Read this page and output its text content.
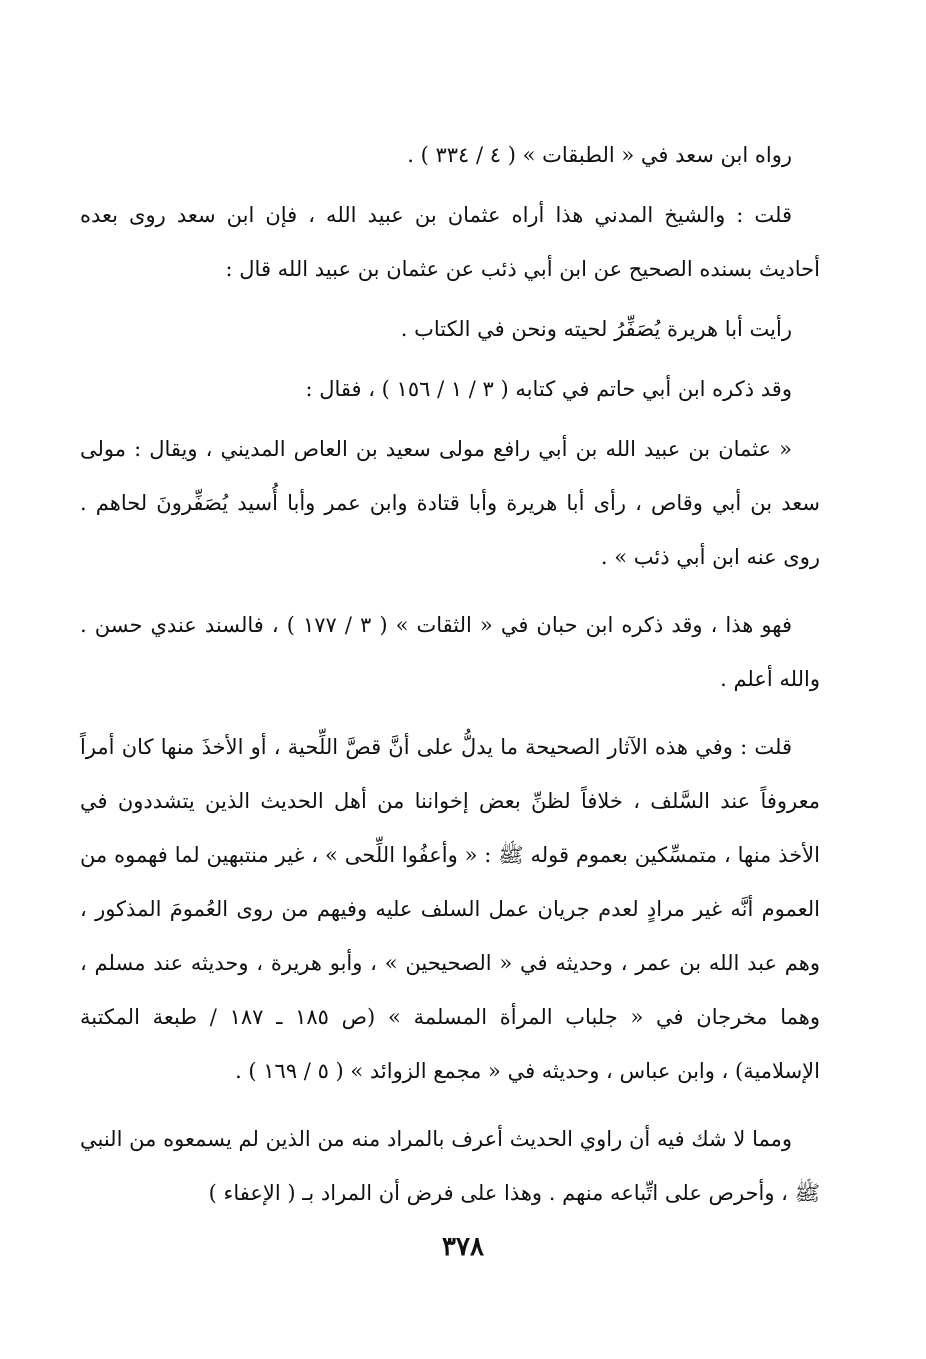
رواه ابن سعد في « الطبقات » ( ٤ / ٣٣٤ ) .

قلت : والشيخ المدني هذا أراه عثمان بن عبيد الله ، فإن ابن سعد روى بعده أحاديث بسنده الصحيح عن ابن أبي ذئب عن عثمان بن عبيد الله قال :

رأيت أبا هريرة يُصَفِّرُ لحيته ونحن في الكتاب .

وقد ذكره ابن أبي حاتم في كتابه ( ٣ / ١ / ١٥٦ ) ، فقال :

« عثمان بن عبيد الله بن أبي رافع مولى سعيد بن العاص المديني ، ويقال : مولى سعد بن أبي وقاص ، رأى أبا هريرة وأبا قتادة وابن عمر وأبا أُسيد يُصَفِّرونَ لحاهم . روى عنه ابن أبي ذئب » .

فهو هذا ، وقد ذكره ابن حبان في « الثقات » ( ٣ / ١٧٧ ) ، فالسند عندي حسن . والله أعلم .

قلت : وفي هذه الآثار الصحيحة ما يدلُّ على أنَّ قصَّ اللِّحية ، أو الأخذَ منها كان أمراً معروفاً عند السَّلف ، خلافاً لظنِّ بعض إخواننا من أهل الحديث الذين يتشددون في الأخذ منها ، متمسِّكين بعموم قوله ﷺ : « وأعفُوا اللِّحى » ، غير منتبهين لما فهموه من العموم أنَّه غير مرادٍ لعدم جريان عمل السلف عليه وفيهم من روى العُمومَ المذكور ، وهم عبد الله بن عمر ، وحديثه في « الصحيحين » ، وأبو هريرة ، وحديثه عند مسلم ، وهما مخرجان في « جلباب المرأة المسلمة » (ص ١٨٥ ـ ١٨٧ / طبعة المكتبة الإسلامية) ، وابن عباس ، وحديثه في « مجمع الزوائد » ( ٥ / ١٦٩ ) .

ومما لا شك فيه أن راوي الحديث أعرف بالمراد منه من الذين لم يسمعوه من النبي ﷺ ، وأحرص على اتِّباعه منهم . وهذا على فرض أن المراد بـ ( الإعفاء )

٣٧٨
